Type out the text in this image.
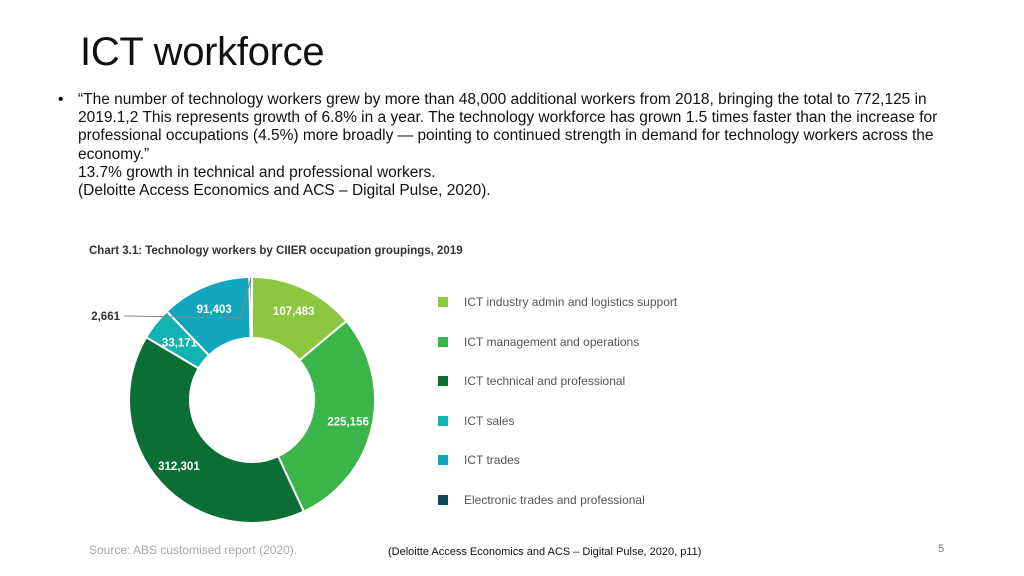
ICT workforce
• “The number of technology workers grew by more than 48,000 additional workers from 2018, bringing the total to 772,125 in 2019.1,2 This represents growth of 6.8% in a year. The technology workforce has grown 1.5 times faster than the increase for professional occupations (4.5%) more broadly — pointing to continued strength in demand for technology workers across the economy.”
13.7% growth in technical and professional workers.
(Deloitte Access Economics and ACS – Digital Pulse, 2020).
Chart 3.1: Technology workers by CIIER occupation groupings, 2019
107,483
225,156
312,301
33,171
91,403
2,661
ICT industry admin and logistics support
ICT management and operations
ICT technical and professional
ICT sales
ICT trades
Electronic trades and professional
Source: ABS customised report (2020).	(Deloitte Access Economics and ACS – Digital Pulse, 2020, p11)	5
